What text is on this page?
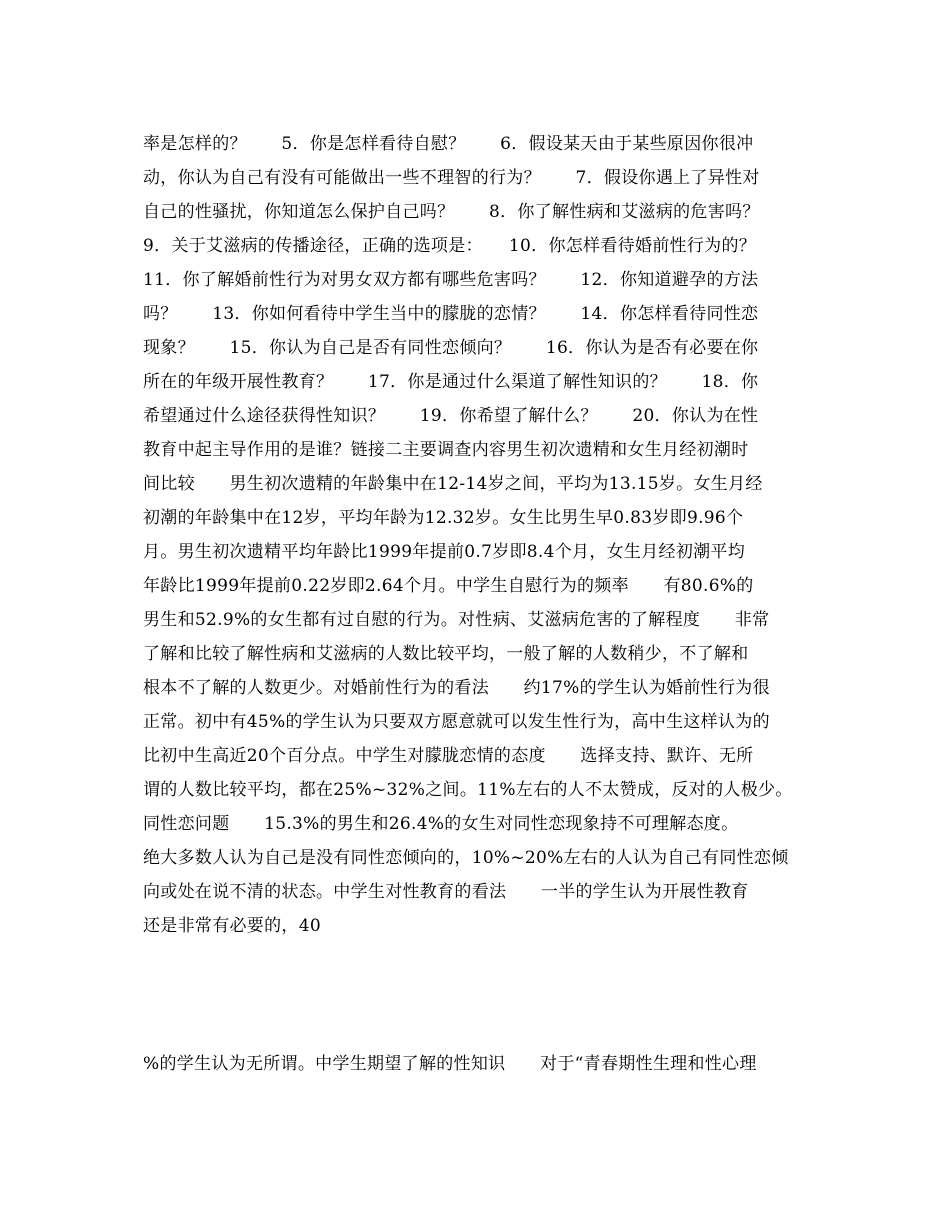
率是怎样的？　　5．你是怎样看待自慰？　　6．假设某天由于某些原因你很冲
动，你认为自己有没有可能做出一些不理智的行为？　　7．假设你遇上了异性对
自己的性骚扰，你知道怎么保护自己吗？　　8．你了解性病和艾滋病的危害吗？
9．关于艾滋病的传播途径，正确的选项是：　　10．你怎样看待婚前性行为的？
11．你了解婚前性行为对男女双方都有哪些危害吗？　　12．你知道避孕的方法
吗？　　13．你如何看待中学生当中的朦胧的恋情？　　14．你怎样看待同性恋
现象？　　15．你认为自己是否有同性恋倾向？　　16．你认为是否有必要在你
所在的年级开展性教育？　　17．你是通过什么渠道了解性知识的？　　18．你
希望通过什么途径获得性知识？　　19．你希望了解什么？　　20．你认为在性
教育中起主导作用的是谁？链接二主要调查内容男生初次遗精和女生月经初潮时
间比较　　男生初次遗精的年龄集中在12-14岁之间，平均为13.15岁。女生月经
初潮的年龄集中在12岁，平均年龄为12.32岁。女生比男生早0.83岁即9.96个
月。男生初次遗精平均年龄比1999年提前0.7岁即8.4个月，女生月经初潮平均
年龄比1999年提前0.22岁即2.64个月。中学生自慰行为的频率　　有80.6%的
男生和52.9%的女生都有过自慰的行为。对性病、艾滋病危害的了解程度　　非常
了解和比较了解性病和艾滋病的人数比较平均，一般了解的人数稍少，不了解和
根本不了解的人数更少。对婚前性行为的看法　　约17%的学生认为婚前性行为很
正常。初中有45%的学生认为只要双方愿意就可以发生性行为，高中生这样认为的
比初中生高近20个百分点。中学生对朦胧恋情的态度　　选择支持、默许、无所
谓的人数比较平均，都在25%~32%之间。11%左右的人不太赞成，反对的人极少。
同性恋问题　　15.3%的男生和26.4%的女生对同性恋现象持不可理解态度。
绝大多数人认为自己是没有同性恋倾向的，10%~20%左右的人认为自己有同性恋倾
向或处在说不清的状态。中学生对性教育的看法　　一半的学生认为开展性教育
还是非常有必要的，40
%的学生认为无所谓。中学生期望了解的性知识　　对于“青春期性生理和性心理
